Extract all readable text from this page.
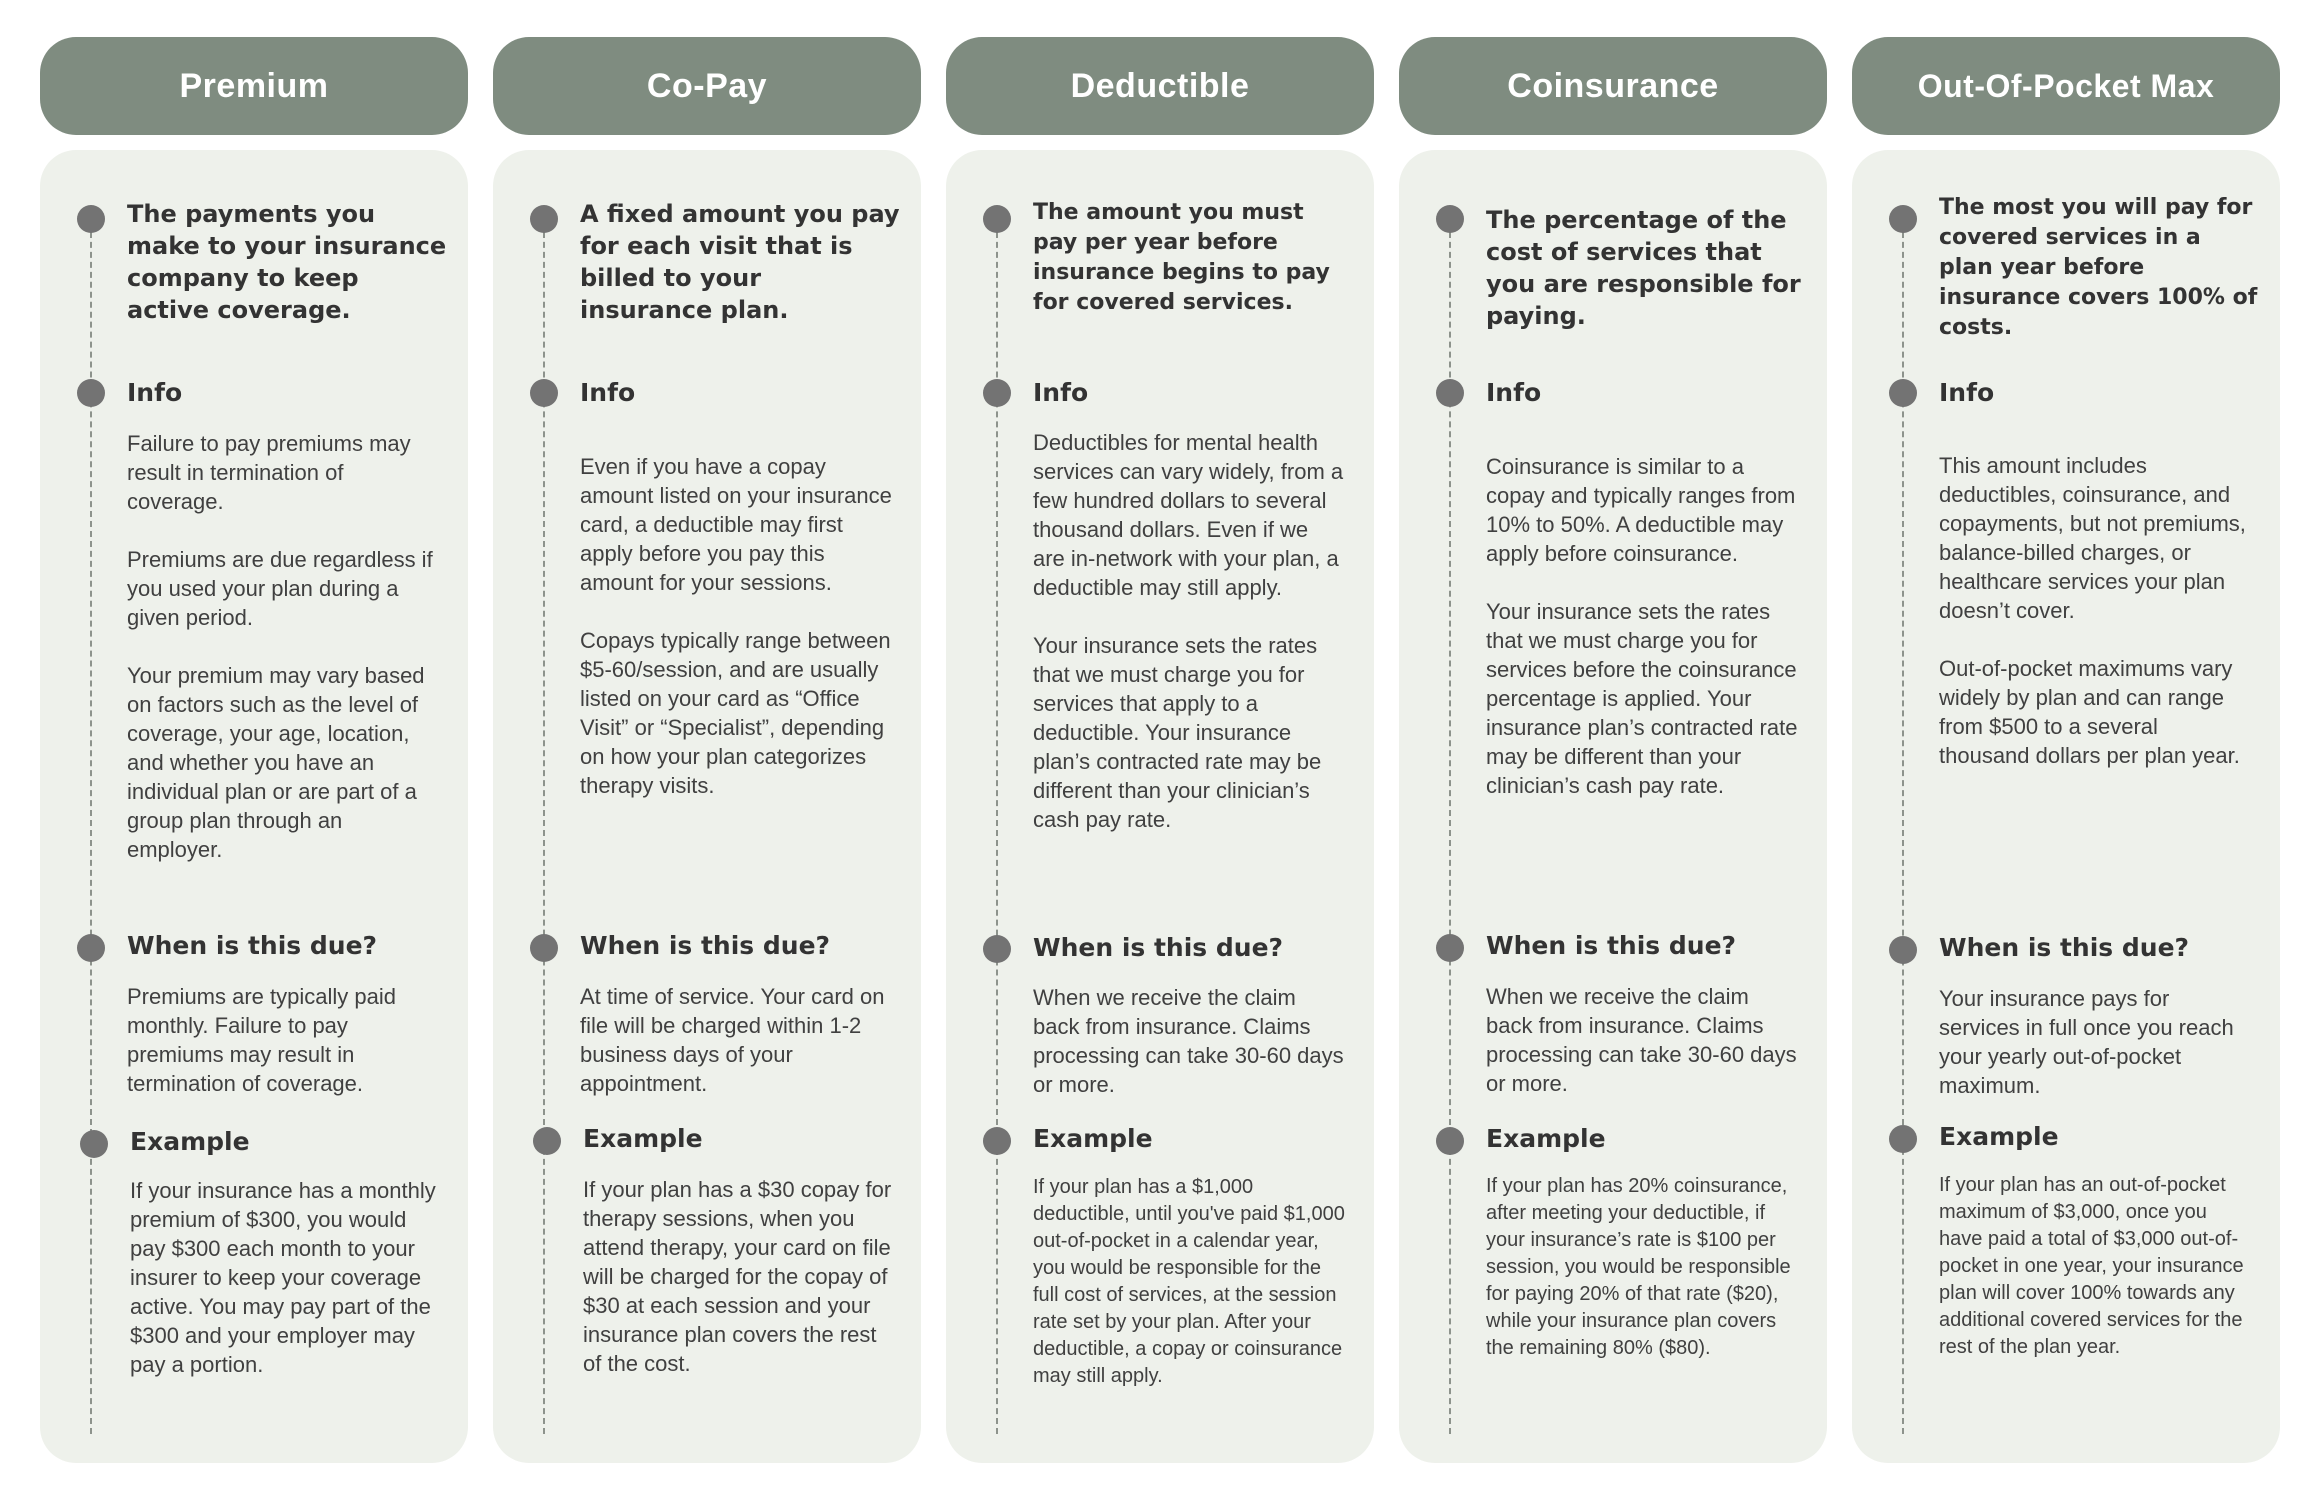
Premium
The payments you make to your insurance company to keep active coverage.
Info

Failure to pay premiums may result in termination of coverage.

Premiums are due regardless if you used your plan during a given period.

Your premium may vary based on factors such as the level of coverage, your age, location, and whether you have an individual plan or are part of a group plan through an employer.

When is this due?
Premiums are typically paid monthly. Failure to pay premiums may result in termination of coverage.
Example
If your insurance has a monthly premium of $300, you would pay $300 each month to your insurer to keep your coverage active. You may pay part of the $300 and your employer may pay a portion.
Co-Pay
A fixed amount you pay for each visit that is billed to your insurance plan.
Info

Even if you have a copay amount listed on your insurance card, a deductible may first apply before you pay this amount for your sessions.

Copays typically range between $5-60/session, and are usually listed on your card as “Office Visit” or “Specialist”, depending on how your plan categorizes therapy visits.

When is this due?
At time of service. Your card on file will be charged within 1-2 business days of your appointment.
Example
If your plan has a $30 copay for therapy sessions, when you attend therapy, your card on file will be charged for the copay of $30 at each session and your insurance plan covers the rest of the cost.
Deductible
The amount you must pay per year before insurance begins to pay for covered services.
Info

Deductibles for mental health services can vary widely, from a few hundred dollars to several thousand dollars. Even if we are in-network with your plan, a deductible may still apply.

Your insurance sets the rates that we must charge you for services that apply to a deductible. Your insurance plan’s contracted rate may be different than your clinician’s cash pay rate.

When is this due?
When we receive the claim back from insurance. Claims processing can take 30-60 days or more.
Example
If your plan has a $1,000 deductible, until you've paid $1,000 out-of-pocket in a calendar year, you would be responsible for the full cost of services, at the session rate set by your plan. After your deductible, a copay or coinsurance may still apply.
Coinsurance
The percentage of the cost of services that you are responsible for paying.
Info

Coinsurance is similar to a copay and typically ranges from 10% to 50%. A deductible may apply before coinsurance.

Your insurance sets the rates that we must charge you for services before the coinsurance percentage is applied. Your insurance plan’s contracted rate may be different than your clinician’s cash pay rate.

When is this due?
When we receive the claim back from insurance. Claims processing can take 30-60 days or more.
Example
If your plan has 20% coinsurance, after meeting your deductible, if your insurance’s rate is $100 per session, you would be responsible for paying 20% of that rate ($20), while your insurance plan covers the remaining 80% ($80).
Out-Of-Pocket Max
The most you will pay for covered services in a plan year before insurance covers 100% of costs.
Info

This amount includes deductibles, coinsurance, and copayments, but not premiums, balance-billed charges, or healthcare services your plan doesn’t cover.

Out-of-pocket maximums vary widely by plan and can range from $500 to a several thousand dollars per plan year.

When is this due?
Your insurance pays for services in full once you reach your yearly out-of-pocket maximum.
Example
If your plan has an out-of-pocket maximum of $3,000, once you have paid a total of $3,000 out-of-pocket in one year, your insurance plan will cover 100% towards any additional covered services for the rest of the plan year.
